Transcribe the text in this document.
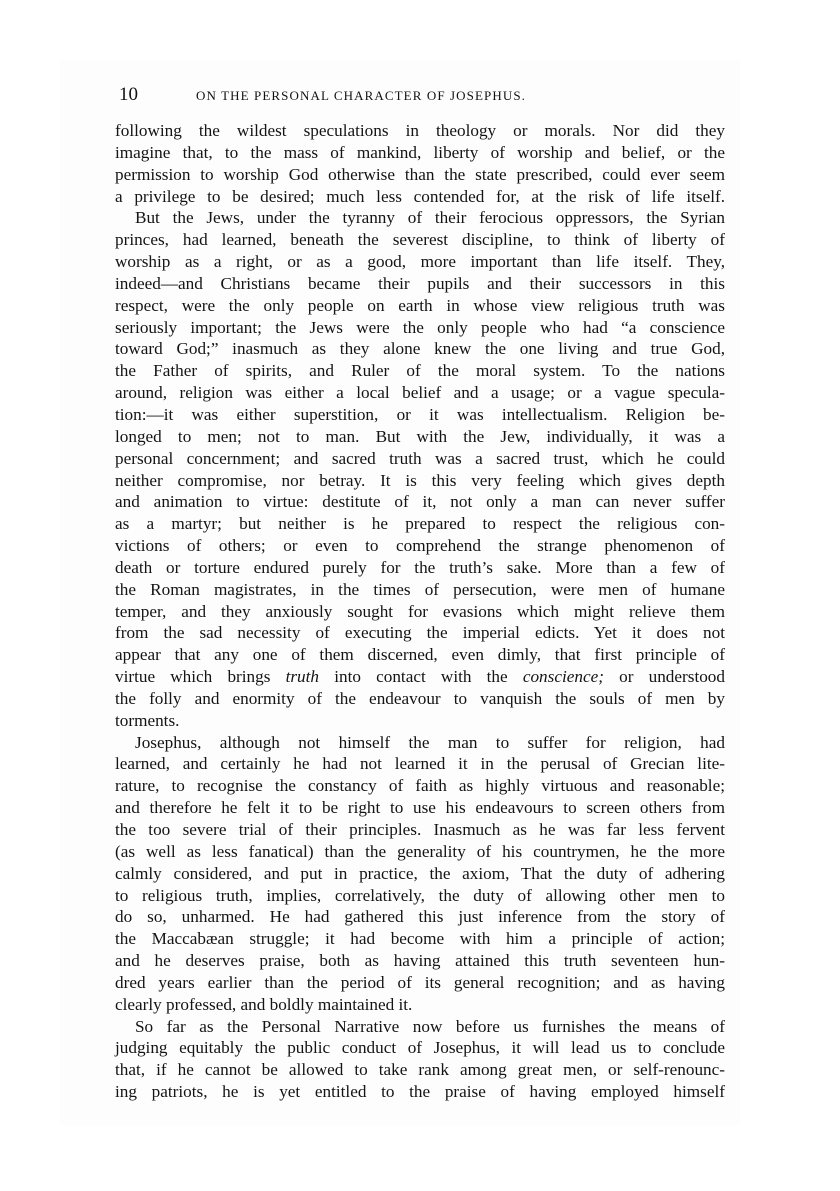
10	ON THE PERSONAL CHARACTER OF JOSEPHUS.
following the wildest speculations in theology or morals. Nor did they
imagine that, to the mass of mankind, liberty of worship and belief, or the
permission to worship God otherwise than the state prescribed, could ever seem
a privilege to be desired; much less contended for, at the risk of life itself.
But the Jews, under the tyranny of their ferocious oppressors, the Syrian
princes, had learned, beneath the severest discipline, to think of liberty of
worship as a right, or as a good, more important than life itself. They,
indeed—and Christians became their pupils and their successors in this
respect, were the only people on earth in whose view religious truth was
seriously important; the Jews were the only people who had “a conscience
toward God;” inasmuch as they alone knew the one living and true God,
the Father of spirits, and Ruler of the moral system. To the nations
around, religion was either a local belief and a usage; or a vague specula-
tion:—it was either superstition, or it was intellectualism. Religion be-
longed to men; not to man. But with the Jew, individually, it was a
personal concernment; and sacred truth was a sacred trust, which he could
neither compromise, nor betray. It is this very feeling which gives depth
and animation to virtue: destitute of it, not only a man can never suffer
as a martyr; but neither is he prepared to respect the religious con-
victions of others; or even to comprehend the strange phenomenon of
death or torture endured purely for the truth’s sake. More than a few of
the Roman magistrates, in the times of persecution, were men of humane
temper, and they anxiously sought for evasions which might relieve them
from the sad necessity of executing the imperial edicts. Yet it does not
appear that any one of them discerned, even dimly, that first principle of
virtue which brings truth into contact with the conscience; or understood
the folly and enormity of the endeavour to vanquish the souls of men by
torments.
Josephus, although not himself the man to suffer for religion, had
learned, and certainly he had not learned it in the perusal of Grecian lite-
rature, to recognise the constancy of faith as highly virtuous and reasonable;
and therefore he felt it to be right to use his endeavours to screen others from
the too severe trial of their principles. Inasmuch as he was far less fervent
(as well as less fanatical) than the generality of his countrymen, he the more
calmly considered, and put in practice, the axiom, That the duty of adhering
to religious truth, implies, correlatively, the duty of allowing other men to
do so, unharmed. He had gathered this just inference from the story of
the Maccabæan struggle; it had become with him a principle of action;
and he deserves praise, both as having attained this truth seventeen hun-
dred years earlier than the period of its general recognition; and as having
clearly professed, and boldly maintained it.
So far as the Personal Narrative now before us furnishes the means of
judging equitably the public conduct of Josephus, it will lead us to conclude
that, if he cannot be allowed to take rank among great men, or self-renounc-
ing patriots, he is yet entitled to the praise of having employed himself
